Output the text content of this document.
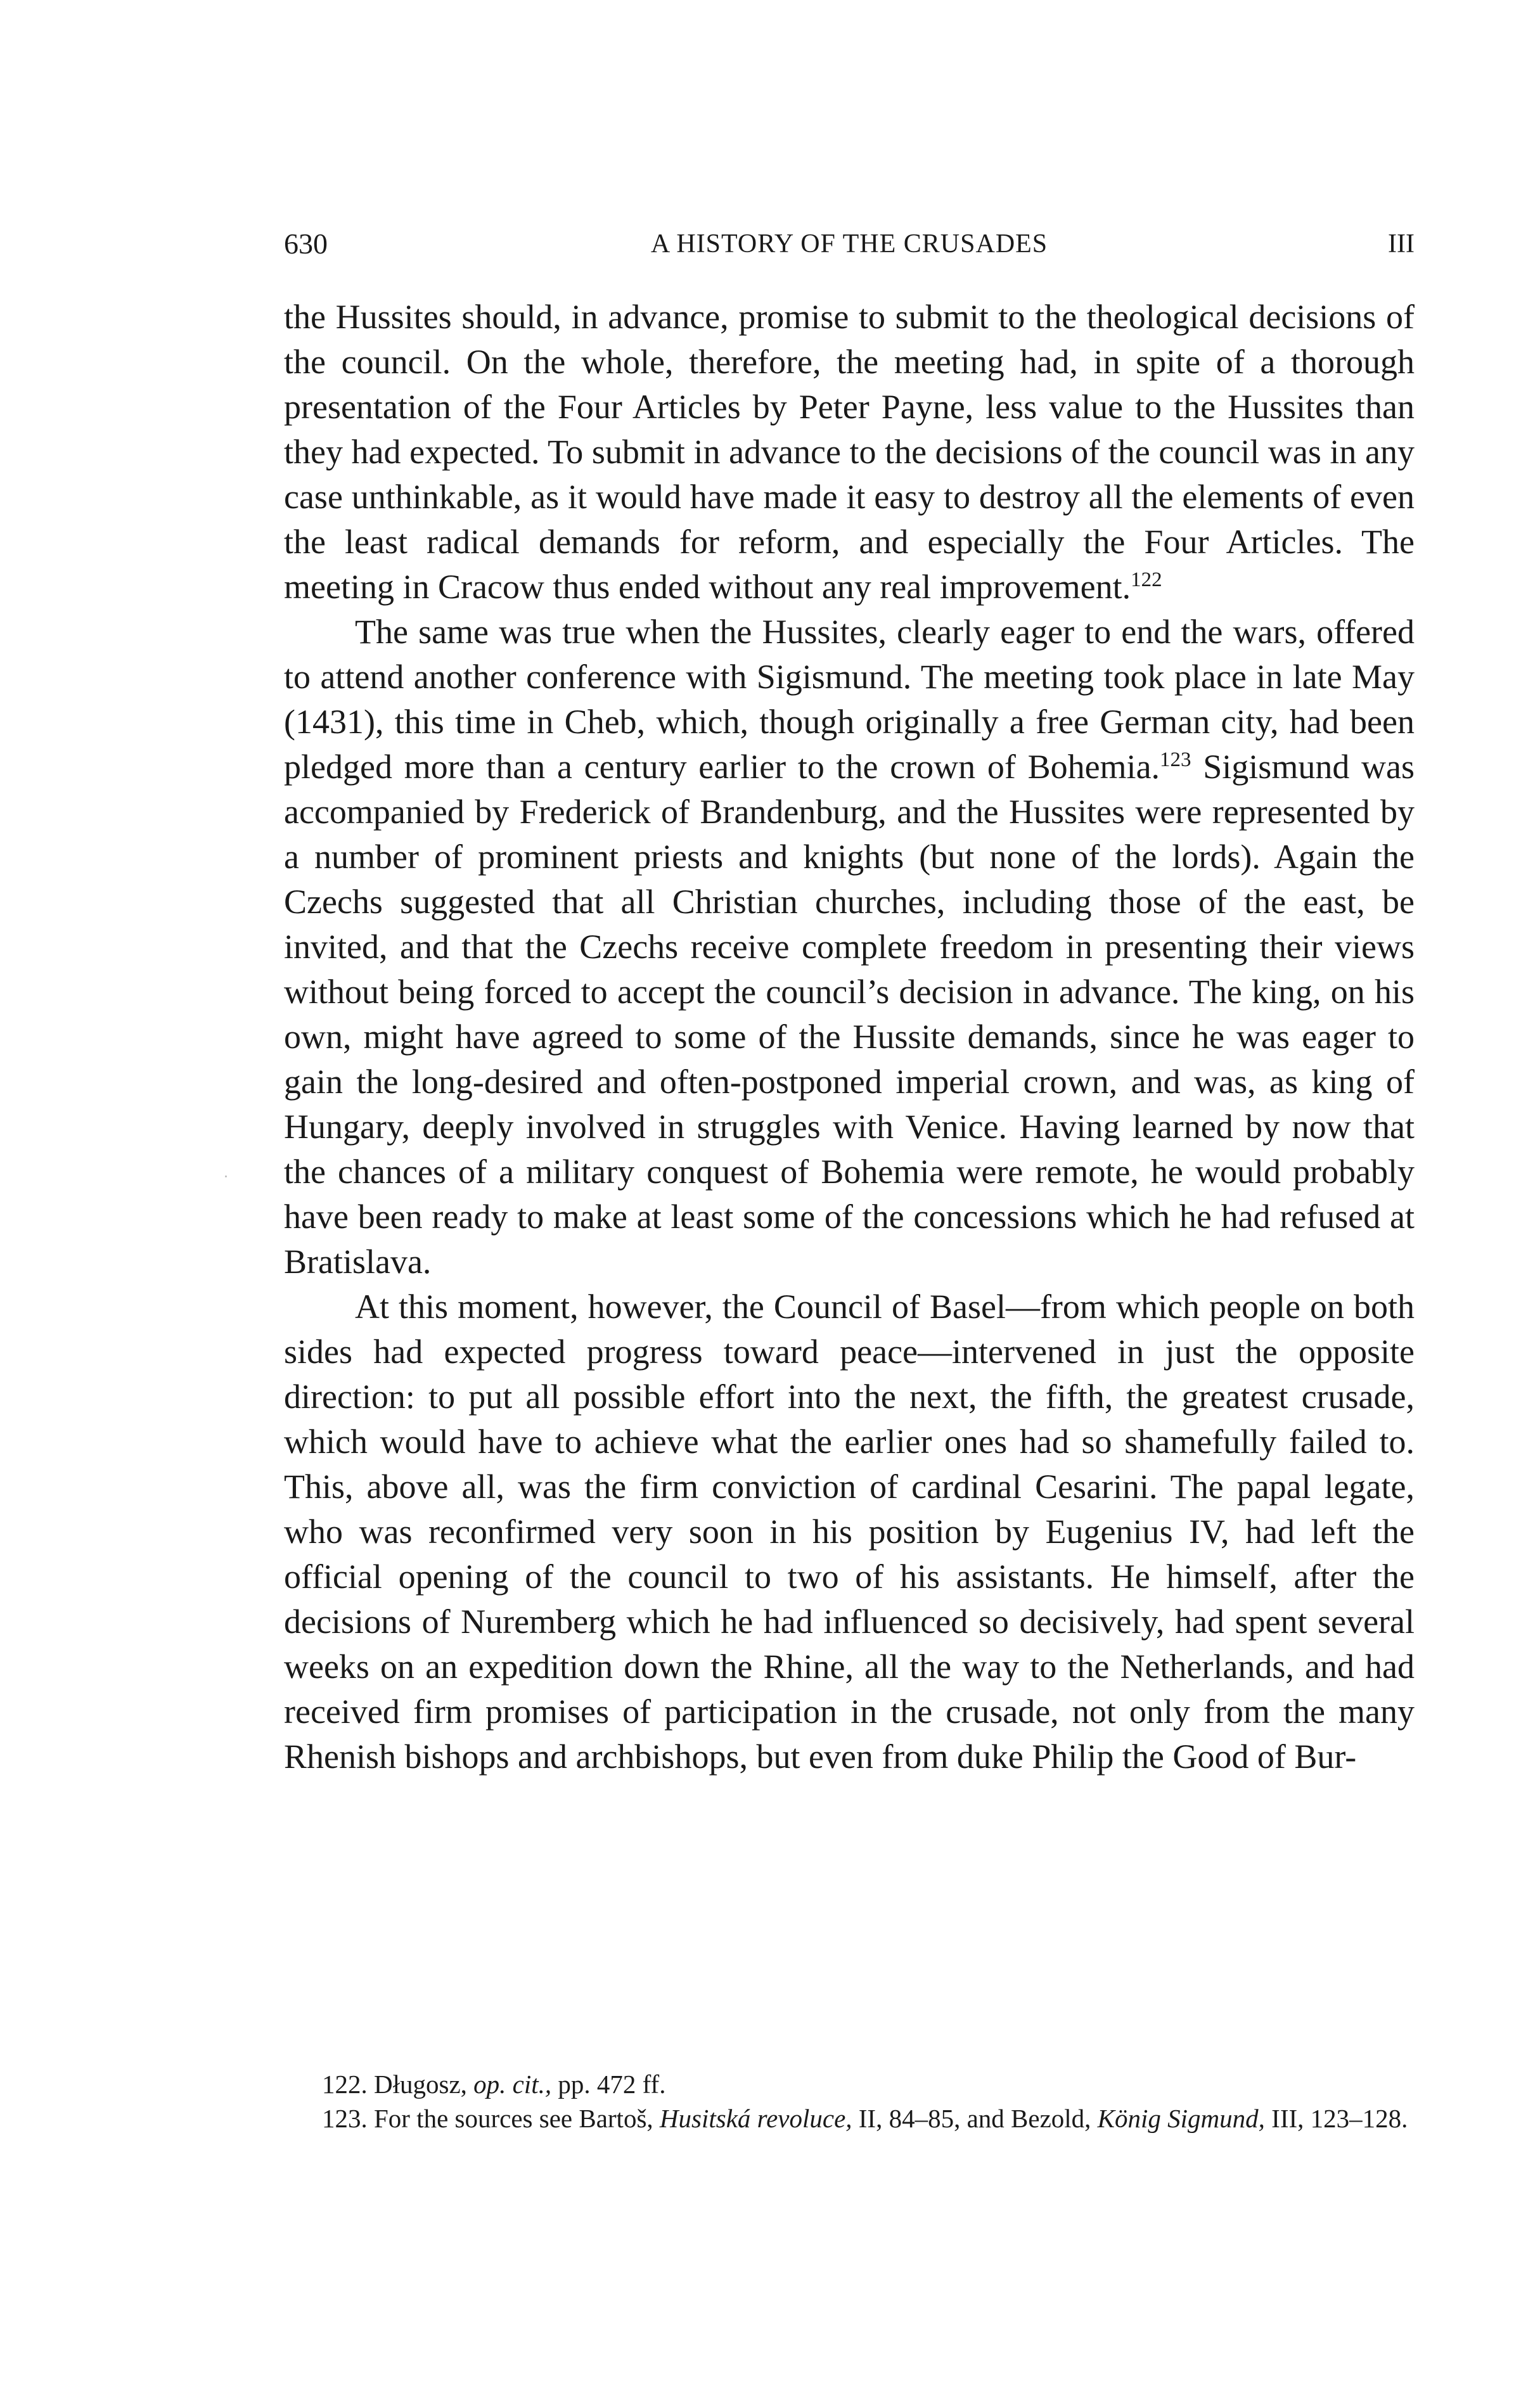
630	A HISTORY OF THE CRUSADES	III

the Hussites should, in advance, promise to submit to the theological decisions of the council. On the whole, therefore, the meeting had, in spite of a thorough presentation of the Four Articles by Peter Payne, less value to the Hussites than they had expected. To submit in advance to the decisions of the council was in any case unthinkable, as it would have made it easy to destroy all the elements of even the least radical demands for reform, and especially the Four Articles. The meeting in Cracow thus ended without any real improvement.$^{122}$

The same was true when the Hussites, clearly eager to end the wars, offered to attend another conference with Sigismund. The meeting took place in late May (1431), this time in Cheb, which, though originally a free German city, had been pledged more than a century earlier to the crown of Bohemia.$^{123}$ Sigismund was accompanied by Frederick of Brandenburg, and the Hussites were represented by a number of prominent priests and knights (but none of the lords). Again the Czechs suggested that all Christian churches, including those of the east, be invited, and that the Czechs receive complete freedom in presenting their views without being forced to accept the council’s decision in advance. The king, on his own, might have agreed to some of the Hussite demands, since he was eager to gain the long-desired and often-postponed imperial crown, and was, as king of Hungary, deeply involved in struggles with Venice. Having learned by now that the chances of a military conquest of Bohemia were remote, he would probably have been ready to make at least some of the concessions which he had refused at Bratislava.

At this moment, however, the Council of Basel—from which people on both sides had expected progress toward peace—intervened in just the opposite direction: to put all possible effort into the next, the fifth, the greatest crusade, which would have to achieve what the earlier ones had so shamefully failed to. This, above all, was the firm conviction of cardinal Cesarini. The papal legate, who was reconfirmed very soon in his position by Eugenius IV, had left the official opening of the council to two of his assistants. He himself, after the decisions of Nuremberg which he had influenced so decisively, had spent several weeks on an expedition down the Rhine, all the way to the Netherlands, and had received firm promises of participation in the crusade, not only from the many Rhenish bishops and archbishops, but even from duke Philip the Good of Bur-

122. Długosz, op. cit., pp. 472 ff.

123. For the sources see Bartoš, Husitská revoluce, II, 84–85, and Bezold, König Sigmund, III, 123–128.
